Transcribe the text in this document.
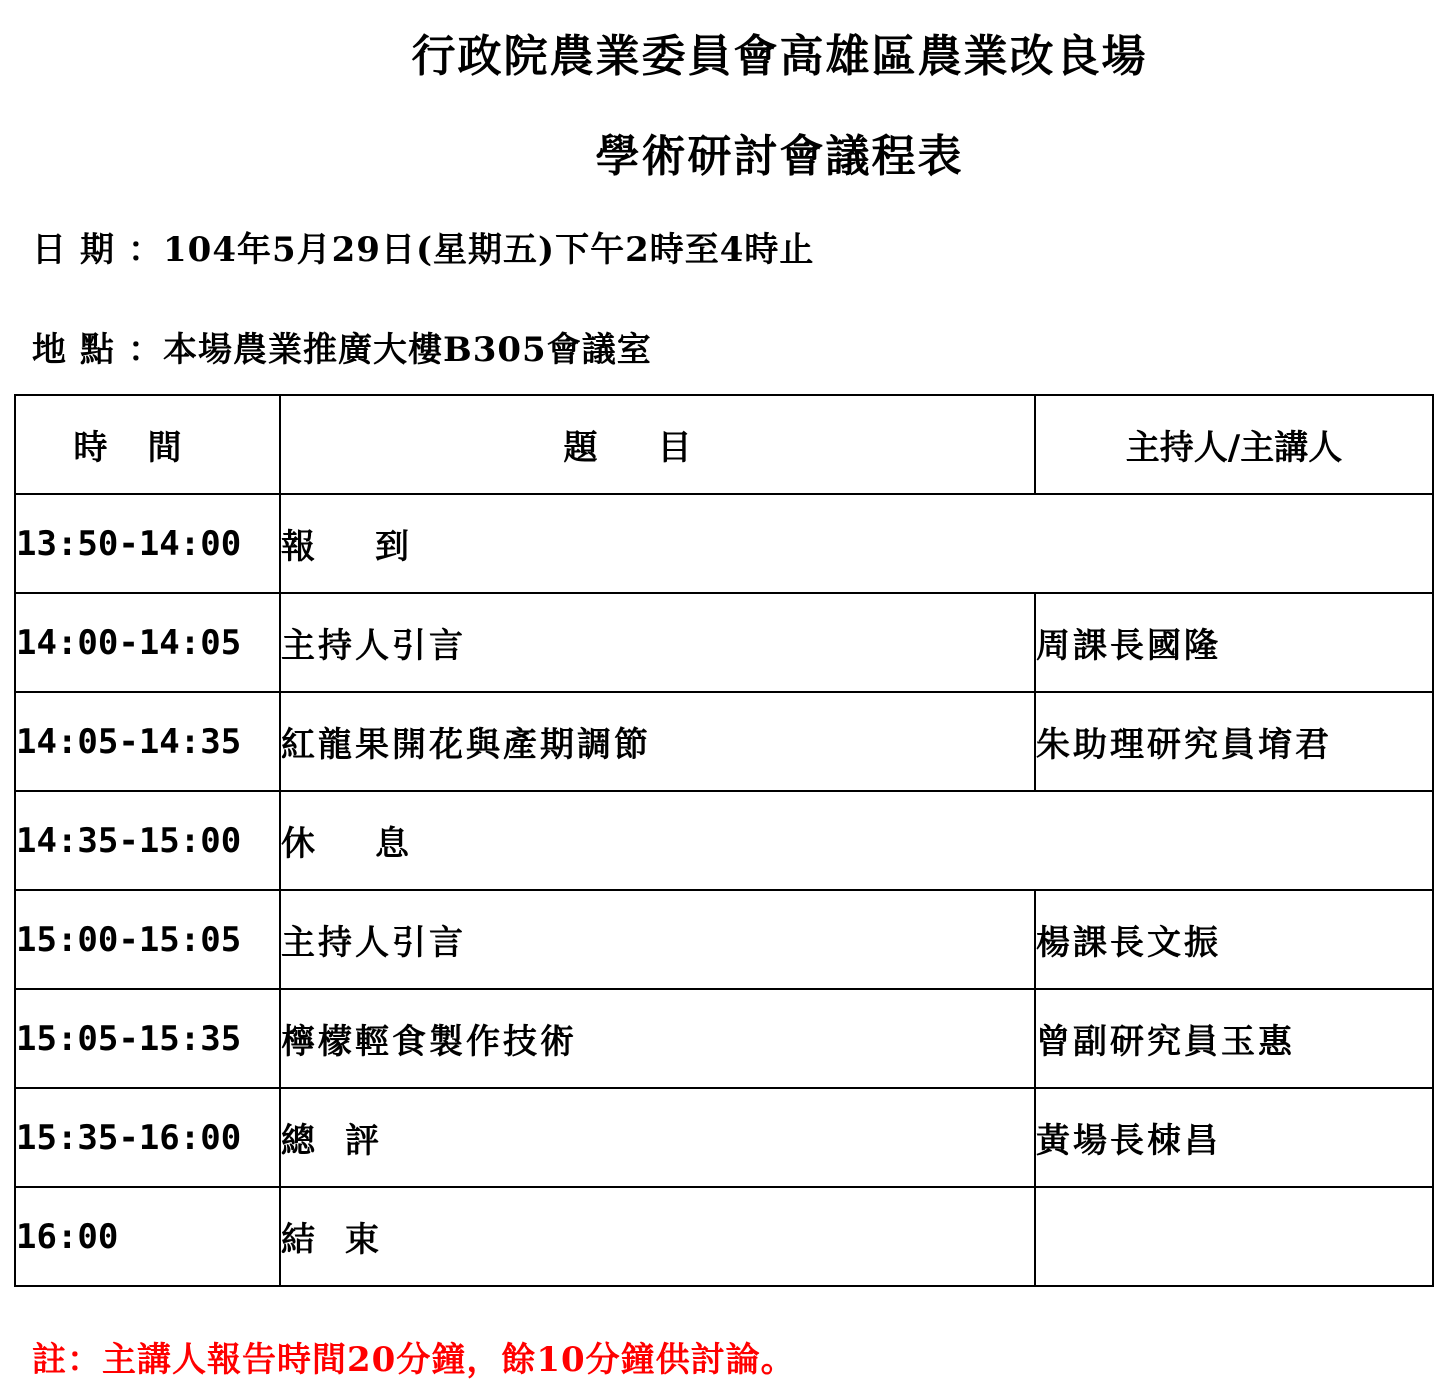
行政院農業委員會高雄區農業改良場
學術研討會議程表
日期：104年5月29日(星期五)下午2時至4時止
地點：本場農業推廣大樓B305會議室
時間	題目	主持人/主講人
13:50-14:00	報到	
14:00-14:05	主持人引言	周課長國隆
14:05-14:35	紅龍果開花與產期調節	朱助理研究員堉君
14:35-15:00	休息	
15:00-15:05	主持人引言	楊課長文振
15:05-15:35	檸檬輕食製作技術	曾副研究員玉惠
15:35-16:00	總評	黃場長栜昌
16:00	結束	
註：主講人報告時間20分鐘，餘10分鐘供討論。
